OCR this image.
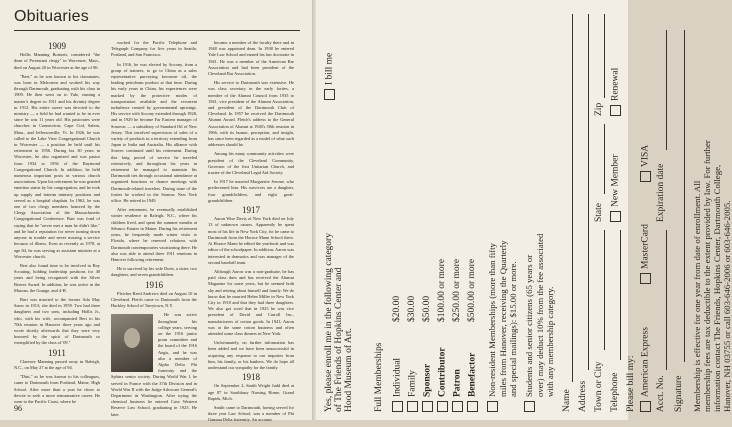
Obituaries
1909

Hollis Manning Bortuett, considered "the dean of Protestant clergy" in Worcester, Mass., died on August 20 in Worcester at the age of 96.

"Bert," as he was known to his classmates, was born in Melrosten and worked his way through Dartmouth, graduating with his class in 1909. He then went on to Yale, earning a master's degree in 1911 and his divinity degree in 1912. His entire career was devoted to the ministry — a field he had wanted to be in ever since he was 11 years old. His pastorates were churches in Connecticut, Cape Cod, Salem, Mass., and Jeffersonville, Vt. In 1926, he was called to the Lake View Congregational Church in Worcester — a position he held until his retirement in 1956. During his 30 years in Worcester, he also organized and was pastor from 1934 to 1956 of the Raymond Congregational Church. In addition, he held numerous important posts in various church associations. Upon his retirement he was granted emeritus status by his congregation, and he took up supply and interim ministry positions and served as a hospital chaplain. In 1962, he was one of two clergy members honored by the Clergy Association of the Massachusetts Congregational Conference. Burt was fond of saying that he "never met a man he didn't like," and he had a reputation for never turning down anyone in trouble and never missing a service because of illness. Even as recently as 1978, at age 84, he was serving as assistant minister at a Worcester church.

Bert also found time to be involved in Boy Scouting, holding leadership positions for 40 years and being recognized with the Silver Beaver Award. In addition, he was active in the Masons, the Grange, and 4-H.

Burt was married to the former Ada May Snow in 1913; she died in 1959. Two had three daughters and two sons, including Hollis Jr., who, with his wife, accompanied Bert to his 70th reunion in Hanover three years ago and wrote shortly afterwards that they were very honored by the spirit of Dartmouth so exemplified by the class of '09."

1911

Clarence Manning passed away in Raleigh, N.C., on May 27 at the age of 94.

"Dint," as he was known to his colleagues, came to Dartmouth from Portland, Maine, High School. After more than a year he chose to devote to seek a more remunerative career. He went to the Pacific Coast, where he

worked for the Pacific Telephone and Telegraph Company for five years in Seattle, Portland, and San Francisco.

In 1916, he was elected by Socony, from a group of trainees, to go to China as a sales representative purveying kerosene oil, the leading petroleum product at that time. During his early years in China, his experiences were marked by the protective modes of transportation available and the recurrent turbulence created by governmental uprisings. His service with Socony extended through 1928, and in 1929 he became Far Eastern manager of Sonovac — a subsidiary of Standard Oil of New Jersey. This involved supervision of sales of a variety of products in a territory extending from Japan to India and Australia. His alliance with Sonvec continued until his retirement. During this long period of service he traveled extensively, and throughout his years in retirement he managed to maintain his Dartmouth ties through occasional attendance at organized functions or chance meetings with Dartmouth-related travelers. During none of the forties he worked in the Stanvac New York office. He retired in 1949.

After retirement, he eventually established winter residence in Raleigh, N.C., where his children lived, and spent the summer months at Sebasco Estates in Maine. During his retirement years, he frequently made winter visits to Florida, where he renewed relations with Dartmouth contemporaries vacationing there. He also was able to attend three 1911 reunions in Hanover following retirement.

He is survived by his wife Doris, a sister, two daughters, and seven grandchildren.

1916

Fletcher Reed Andrews died on August 10 in Cleveland. Fletch came to Dartmouth from the Hackley School of Tarrytown, N.Y.

He was active throughout his college years, serving on the 1916 junior prom committee and the board of the 1916 Aegis, and he was also a member of Alpha Delta Phi fraternity and the Sphinx senior society. During World War I, he served in France with the 37th Division and in World War II with the Judge Advocate General's Department in Washington. After trying the chemical business he entered Case Western Reserve Law School, graduating in 1925. He later

became a member of the faculty there and in 1948 was appointed dean. In 1938 he entered Yale Law School and earned his law doctorate in 1941. He was a member of the American Bar Association and had been president of the Cleveland Bar Association.

His service to Dartmouth was extensive. He was class secretary in the early forties, a member of the Alumni Council from 1935 to 1941, vice president of the Alumni Association, and president of the Dartmouth Club of Cleveland. In 1957 he received the Dartmouth Alumni Award. Fletch's address to the General Association of Alumni at 1940's 50th reunion in 1966, with its humor, perception, and insight, has since been regarded as a model of what such addresses should be.

Among his many community activities were president of the Cleveland Community, Governor of the first Unitarian Church, and trustee of the Cleveland Legal Aid Society.

In 1917 he married Marguerite Jerome, who predeceased him. His survivors are a daughter, four grandchildren, and eight great-grandchildren.

1917

Aaron Wise Davis of New York died on July 13 of unknown causes. Apparently he spent most of his life in New York City, for he came to Dartmouth from the Horace Mann School there. At Horace Mann he edited the yearbook and was editor of the schoolpaper. In addition, Aaron was interested in dramatics and was manager of the second baseball team.

Although Aaron was a non-graduate, he has paid class dues and has received the Alumni Magazine for some years, but he seemed both shy and retiring about himself and family. We do know that he married Helen Miller in New York City in 1918 and that they had three daughters. We also got word that in 1925 he was vice president of David and Carroll Inc., manufacturers of cotton goods. In 1941, Aaron was at the same cotton business and often attended some class dinners in New York.

Unfortunately, no further information has been added and we have been unsuccessful in acquiring any response to our inquiries from him, his family, or his bankers. We do hope all understand our sympathy for the family.

1918

On September 2, Smith Wright Judd died at age 87 in Southbury Nursing Home, Grand Rapids, Mich.

Smith came to Dartmouth, having served for three year Law School, was a member of Phi Gamma Delta fraternity. An account

96	Yes, please enroll me in the following category of The Friends of Hopkins Center and Hood Museum of Art.
I bill me
Full Memberships Individual
$20.00
Family
$30.00
Sponsor
$50.00
Contributor
$100.00 or more
Patron
$250.00 or more
Benefactor
$500.00 or more Non-resident Memberships (more than fifty miles from Hanover, receiving the Quarterly and special mailings): $15.00 or more. Students and senior citizens (65 years or over) may deduct 10% from the fee associated with any membership category.
Name Address Town or City
State
Zip
Telephone
New Member
Renewal
Please bill my: American Express
MasterCard
VISA
Acct. No.
Expiration date
Signature Membership is effective for one year from date of enrollment. All membership fees are tax deductible to the extent provided by law. For further information contact The Friends, Hopkins Center, Dartmouth College, Hanover, NH 03755 or call 603-646-2006 or 603-646-2005.
